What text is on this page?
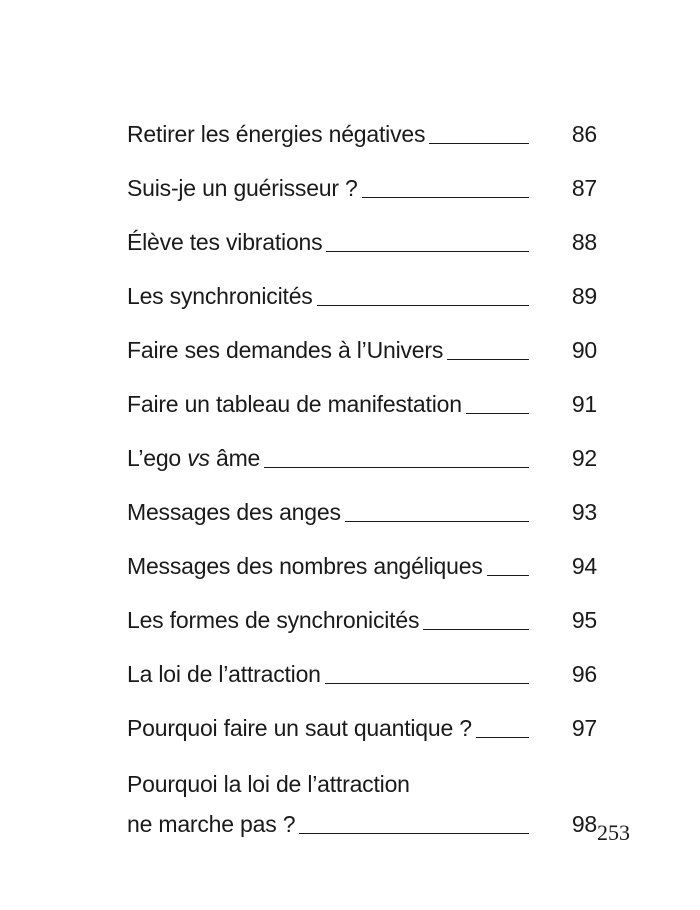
Retirer les énergies négatives	86
Suis-je un guérisseur ?	87
Élève tes vibrations	88
Les synchronicités	89
Faire ses demandes à l’Univers	90
Faire un tableau de manifestation	91
L’ego vs âme	92
Messages des anges	93
Messages des nombres angéliques	94
Les formes de synchronicités	95
La loi de l’attraction	96
Pourquoi faire un saut quantique ?	97
Pourquoi la loi de l’attraction
ne marche pas ?	98 253
